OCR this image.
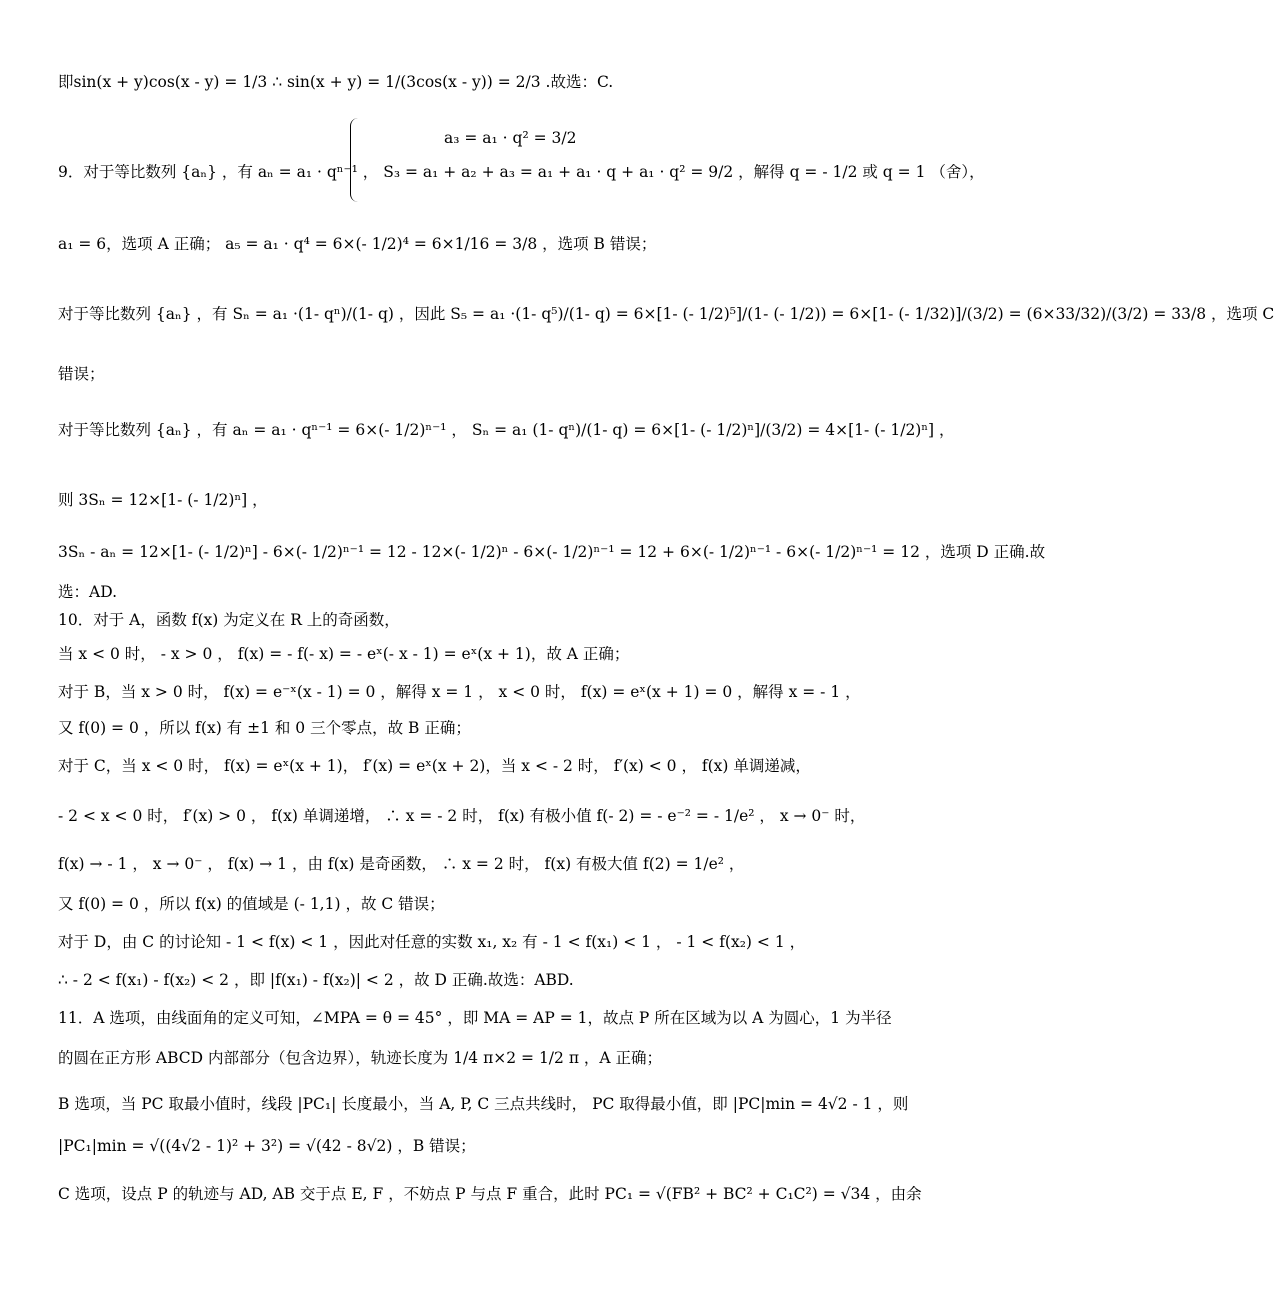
即sin(x + y)cos(x - y) = 1/3 ∴ sin(x + y) = 1/(3cos(x - y)) = 2/3 .故选：C.
a₃ = a₁ · q² = 3/2
9．对于等比数列 {aₙ} ，有 aₙ = a₁ · qⁿ⁻¹ ， S₃ = a₁ + a₂ + a₃ = a₁ + a₁ · q + a₁ · q² = 9/2 ，解得 q = - 1/2 或 q = 1 （舍），
a₁ = 6，选项 A 正确； a₅ = a₁ · q⁴ = 6×(- 1/2)⁴ = 6×1/16 = 3/8 ，选项 B 错误；
对于等比数列 {aₙ} ，有 Sₙ = a₁ ·(1- qⁿ)/(1- q) ，因此 S₅ = a₁ ·(1- q⁵)/(1- q) = 6×[1- (- 1/2)⁵]/(1- (- 1/2)) = 6×[1- (- 1/32)]/(3/2) = (6×33/32)/(3/2) = 33/8 ，选项 C
错误；
对于等比数列 {aₙ} ，有 aₙ = a₁ · qⁿ⁻¹ = 6×(- 1/2)ⁿ⁻¹ ， Sₙ = a₁ (1- qⁿ)/(1- q) = 6×[1- (- 1/2)ⁿ]/(3/2) = 4×[1- (- 1/2)ⁿ] ，
则 3Sₙ = 12×[1- (- 1/2)ⁿ] ，
3Sₙ - aₙ = 12×[1- (- 1/2)ⁿ] - 6×(- 1/2)ⁿ⁻¹ = 12 - 12×(- 1/2)ⁿ - 6×(- 1/2)ⁿ⁻¹ = 12 + 6×(- 1/2)ⁿ⁻¹ - 6×(- 1/2)ⁿ⁻¹ = 12 ，选项 D 正确.故
选：AD.
10．对于 A，函数 f(x) 为定义在 R 上的奇函数，
当 x < 0 时， - x > 0 ， f(x) = - f(- x) = - eˣ(- x - 1) = eˣ(x + 1)，故 A 正确；
对于 B，当 x > 0 时， f(x) = e⁻ˣ(x - 1) = 0 ，解得 x = 1 ， x < 0 时， f(x) = eˣ(x + 1) = 0 ，解得 x = - 1 ，
又 f(0) = 0 ，所以 f(x) 有 ±1 和 0 三个零点，故 B 正确；
对于 C，当 x < 0 时， f(x) = eˣ(x + 1)， f′(x) = eˣ(x + 2)，当 x < - 2 时， f′(x) < 0 ， f(x) 单调递减，
- 2 < x < 0 时， f′(x) > 0 ， f(x) 单调递增， ∴ x = - 2 时， f(x) 有极小值 f(- 2) = - e⁻² = - 1/e² ， x → 0⁻ 时，
f(x) → - 1 ， x → 0⁻ ， f(x) → 1 ，由 f(x) 是奇函数， ∴ x = 2 时， f(x) 有极大值 f(2) = 1/e² ，
又 f(0) = 0 ，所以 f(x) 的值域是 (- 1,1) ，故 C 错误；
对于 D，由 C 的讨论知 - 1 < f(x) < 1 ，因此对任意的实数 x₁, x₂ 有 - 1 < f(x₁) < 1 ， - 1 < f(x₂) < 1 ，
∴ - 2 < f(x₁) - f(x₂) < 2 ，即 |f(x₁) - f(x₂)| < 2 ，故 D 正确.故选：ABD.
11．A 选项，由线面角的定义可知，∠MPA = θ = 45° ，即 MA = AP = 1，故点 P 所在区域为以 A 为圆心，1 为半径
的圆在正方形 ABCD 内部部分（包含边界），轨迹长度为 1/4 π×2 = 1/2 π ，A 正确；
B 选项，当 PC 取最小值时，线段 |PC₁| 长度最小，当 A, P, C 三点共线时， PC 取得最小值，即 |PC|min = 4√2 - 1 ，则
|PC₁|min = √((4√2 - 1)² + 3²) = √(42 - 8√2) ，B 错误；
C 选项，设点 P 的轨迹与 AD, AB 交于点 E, F ，不妨点 P 与点 F 重合，此时 PC₁ = √(FB² + BC² + C₁C²) = √34 ，由余
